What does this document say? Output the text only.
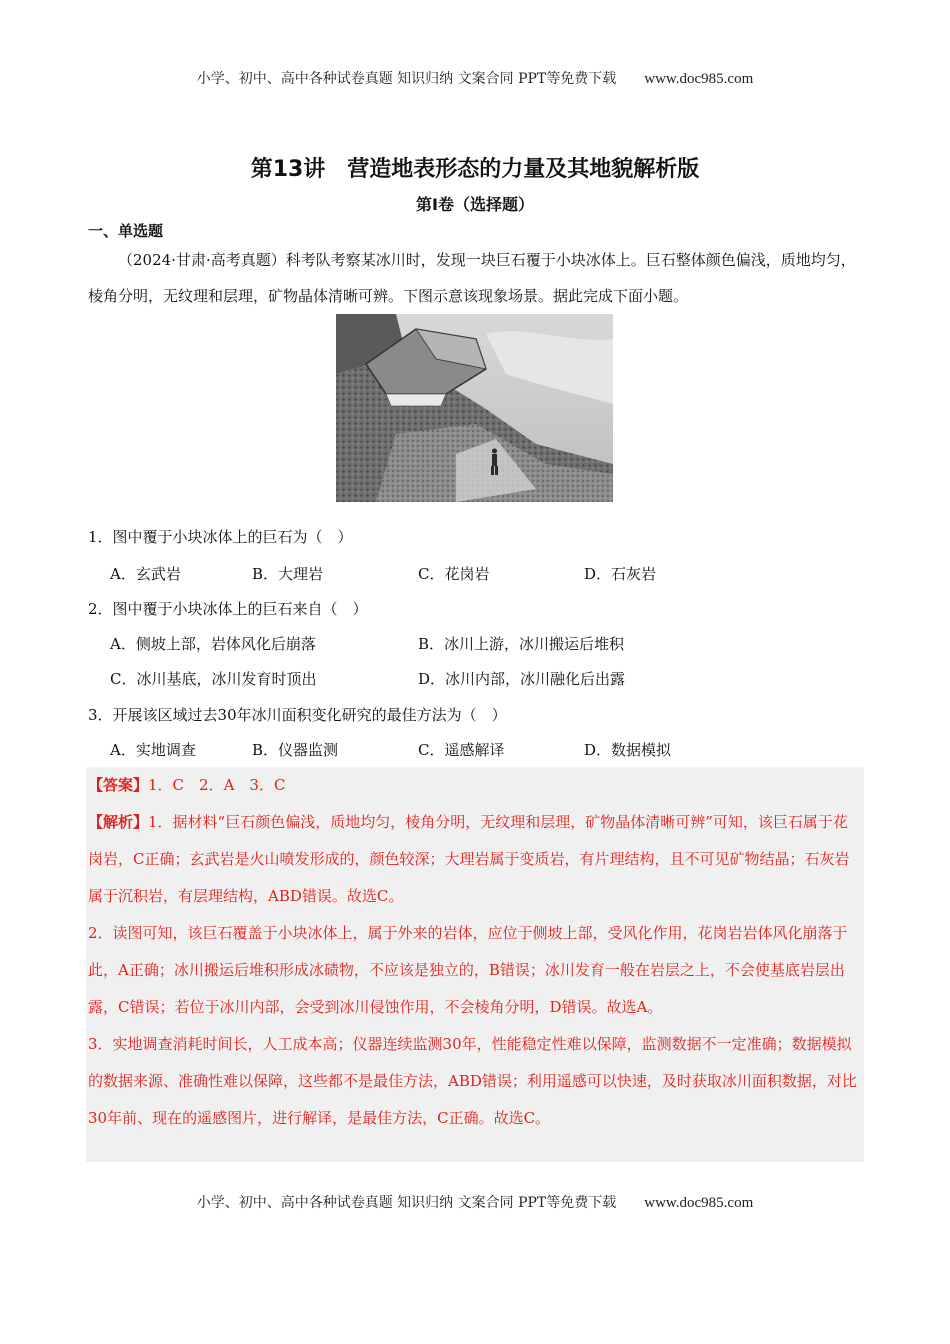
小学、初中、高中各种试卷真题 知识归纳 文案合同 PPT等免费下载 www.doc985.com
第13讲　营造地表形态的力量及其地貌解析版
第Ⅰ卷（选择题）
一、单选题
（2024·甘肃·高考真题）科考队考察某冰川时，发现一块巨石覆于小块冰体上。巨石整体颜色偏浅，质地均匀，棱角分明，无纹理和层理，矿物晶体清晰可辨。下图示意该现象场景。据此完成下面小题。
1．图中覆于小块冰体上的巨石为（　）
A．玄武岩	B．大理岩	C．花岗岩	D．石灰岩
2．图中覆于小块冰体上的巨石来自（　）
A．侧坡上部，岩体风化后崩落	B．冰川上游，冰川搬运后堆积
C．冰川基底，冰川发育时顶出	D．冰川内部，冰川融化后出露
3．开展该区域过去30年冰川面积变化研究的最佳方法为（　）
A．实地调查	B．仪器监测	C．遥感解译	D．数据模拟

【答案】1．C　2．A　3．C

【解析】1．据材料“巨石颜色偏浅，质地均匀，棱角分明，无纹理和层理，矿物晶体清晰可辨”可知，该巨石属于花岗岩，C正确；玄武岩是火山喷发形成的，颜色较深；大理岩属于变质岩，有片理结构，且不可见矿物结晶；石灰岩属于沉积岩，有层理结构，ABD错误。故选C。

2．读图可知，该巨石覆盖于小块冰体上，属于外来的岩体，应位于侧坡上部，受风化作用，花岗岩岩体风化崩落于此，A正确；冰川搬运后堆积形成冰碛物，不应该是独立的，B错误；冰川发育一般在岩层之上，不会使基底岩层出露，C错误；若位于冰川内部，会受到冰川侵蚀作用，不会棱角分明，D错误。故选A。

3．实地调查消耗时间长，人工成本高；仪器连续监测30年，性能稳定性难以保障，监测数据不一定准确；数据模拟的数据来源、准确性难以保障，这些都不是最佳方法，ABD错误；利用遥感可以快速，及时获取冰川面积数据，对比30年前、现在的遥感图片，进行解译，是最佳方法，C正确。故选C。

小学、初中、高中各种试卷真题 知识归纳 文案合同 PPT等免费下载 www.doc985.com
